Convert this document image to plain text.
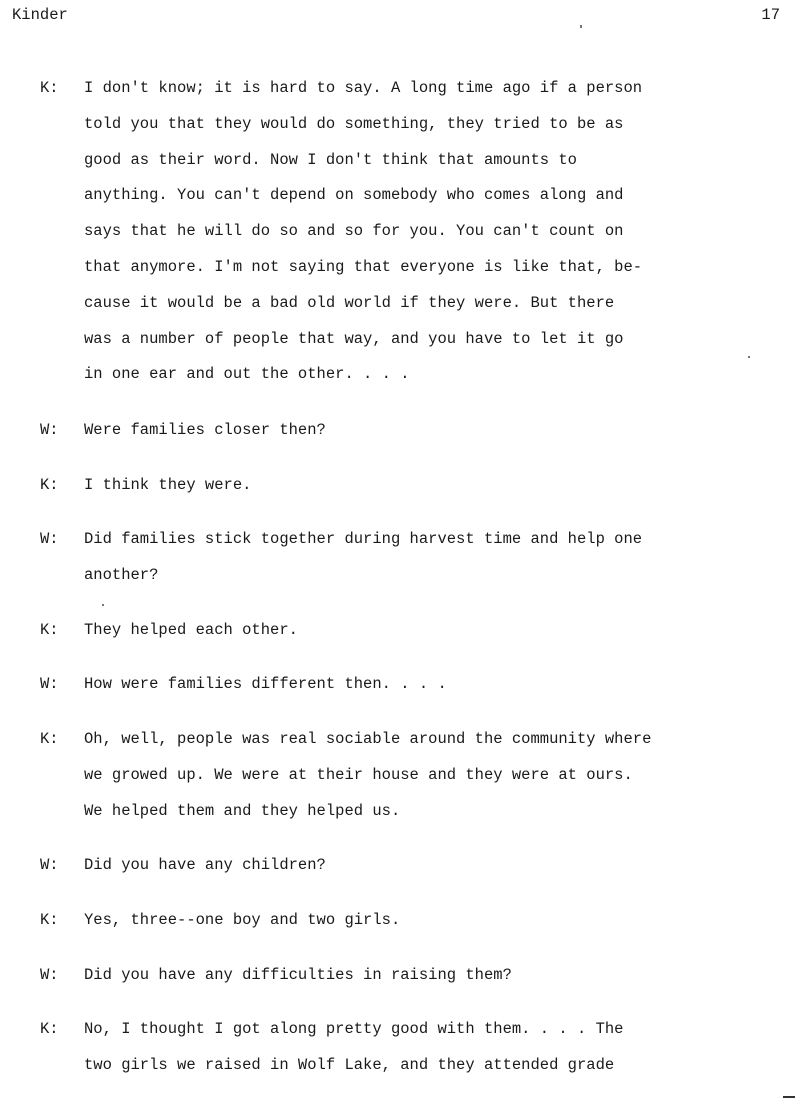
Kinder	17
K: I don't know; it is hard to say. A long time ago if a person
told you that they would do something, they tried to be as
good as their word. Now I don't think that amounts to
anything. You can't depend on somebody who comes along and
says that he will do so and so for you. You can't count on
that anymore. I'm not saying that everyone is like that, be-
cause it would be a bad old world if they were. But there
was a number of people that way, and you have to let it go
in one ear and out the other. . . .
W: Were families closer then?
K: I think they were.
W: Did families stick together during harvest time and help one
another?
K: They helped each other.
W: How were families different then. . . .
K: Oh, well, people was real sociable around the community where
we growed up. We were at their house and they were at ours.
We helped them and they helped us.
W: Did you have any children?
K: Yes, three--one boy and two girls.
W: Did you have any difficulties in raising them?
K: No, I thought I got along pretty good with them. . . . The
two girls we raised in Wolf Lake, and they attended grade
